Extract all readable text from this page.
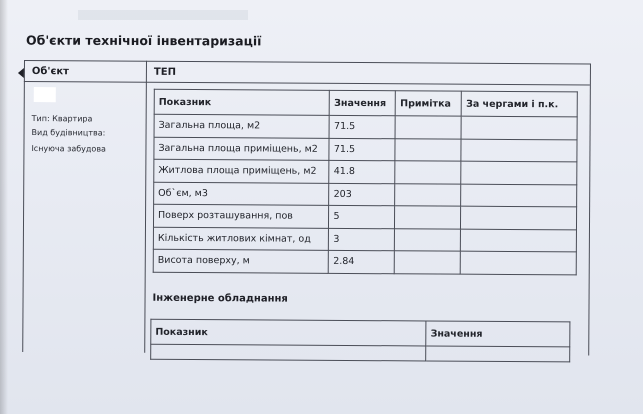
Об'єкти технічної інвентаризації
Об'єкт	ТЕП
Тип: Квартира
Вид будівництва:
Існуюча забудова
Показник	Значення	Примітка	За чергами і п.к.
Загальна площа, м2	71.5		
Загальна площа приміщень, м2	71.5		
Житлова площа приміщень, м2	41.8		
Об`єм, м3	203		
Поверх розташування, пов	5		
Кількість житлових кімнат, од	3		
Висота поверху, м	2.84		
Інженерне обладнання
Показник	Значення
